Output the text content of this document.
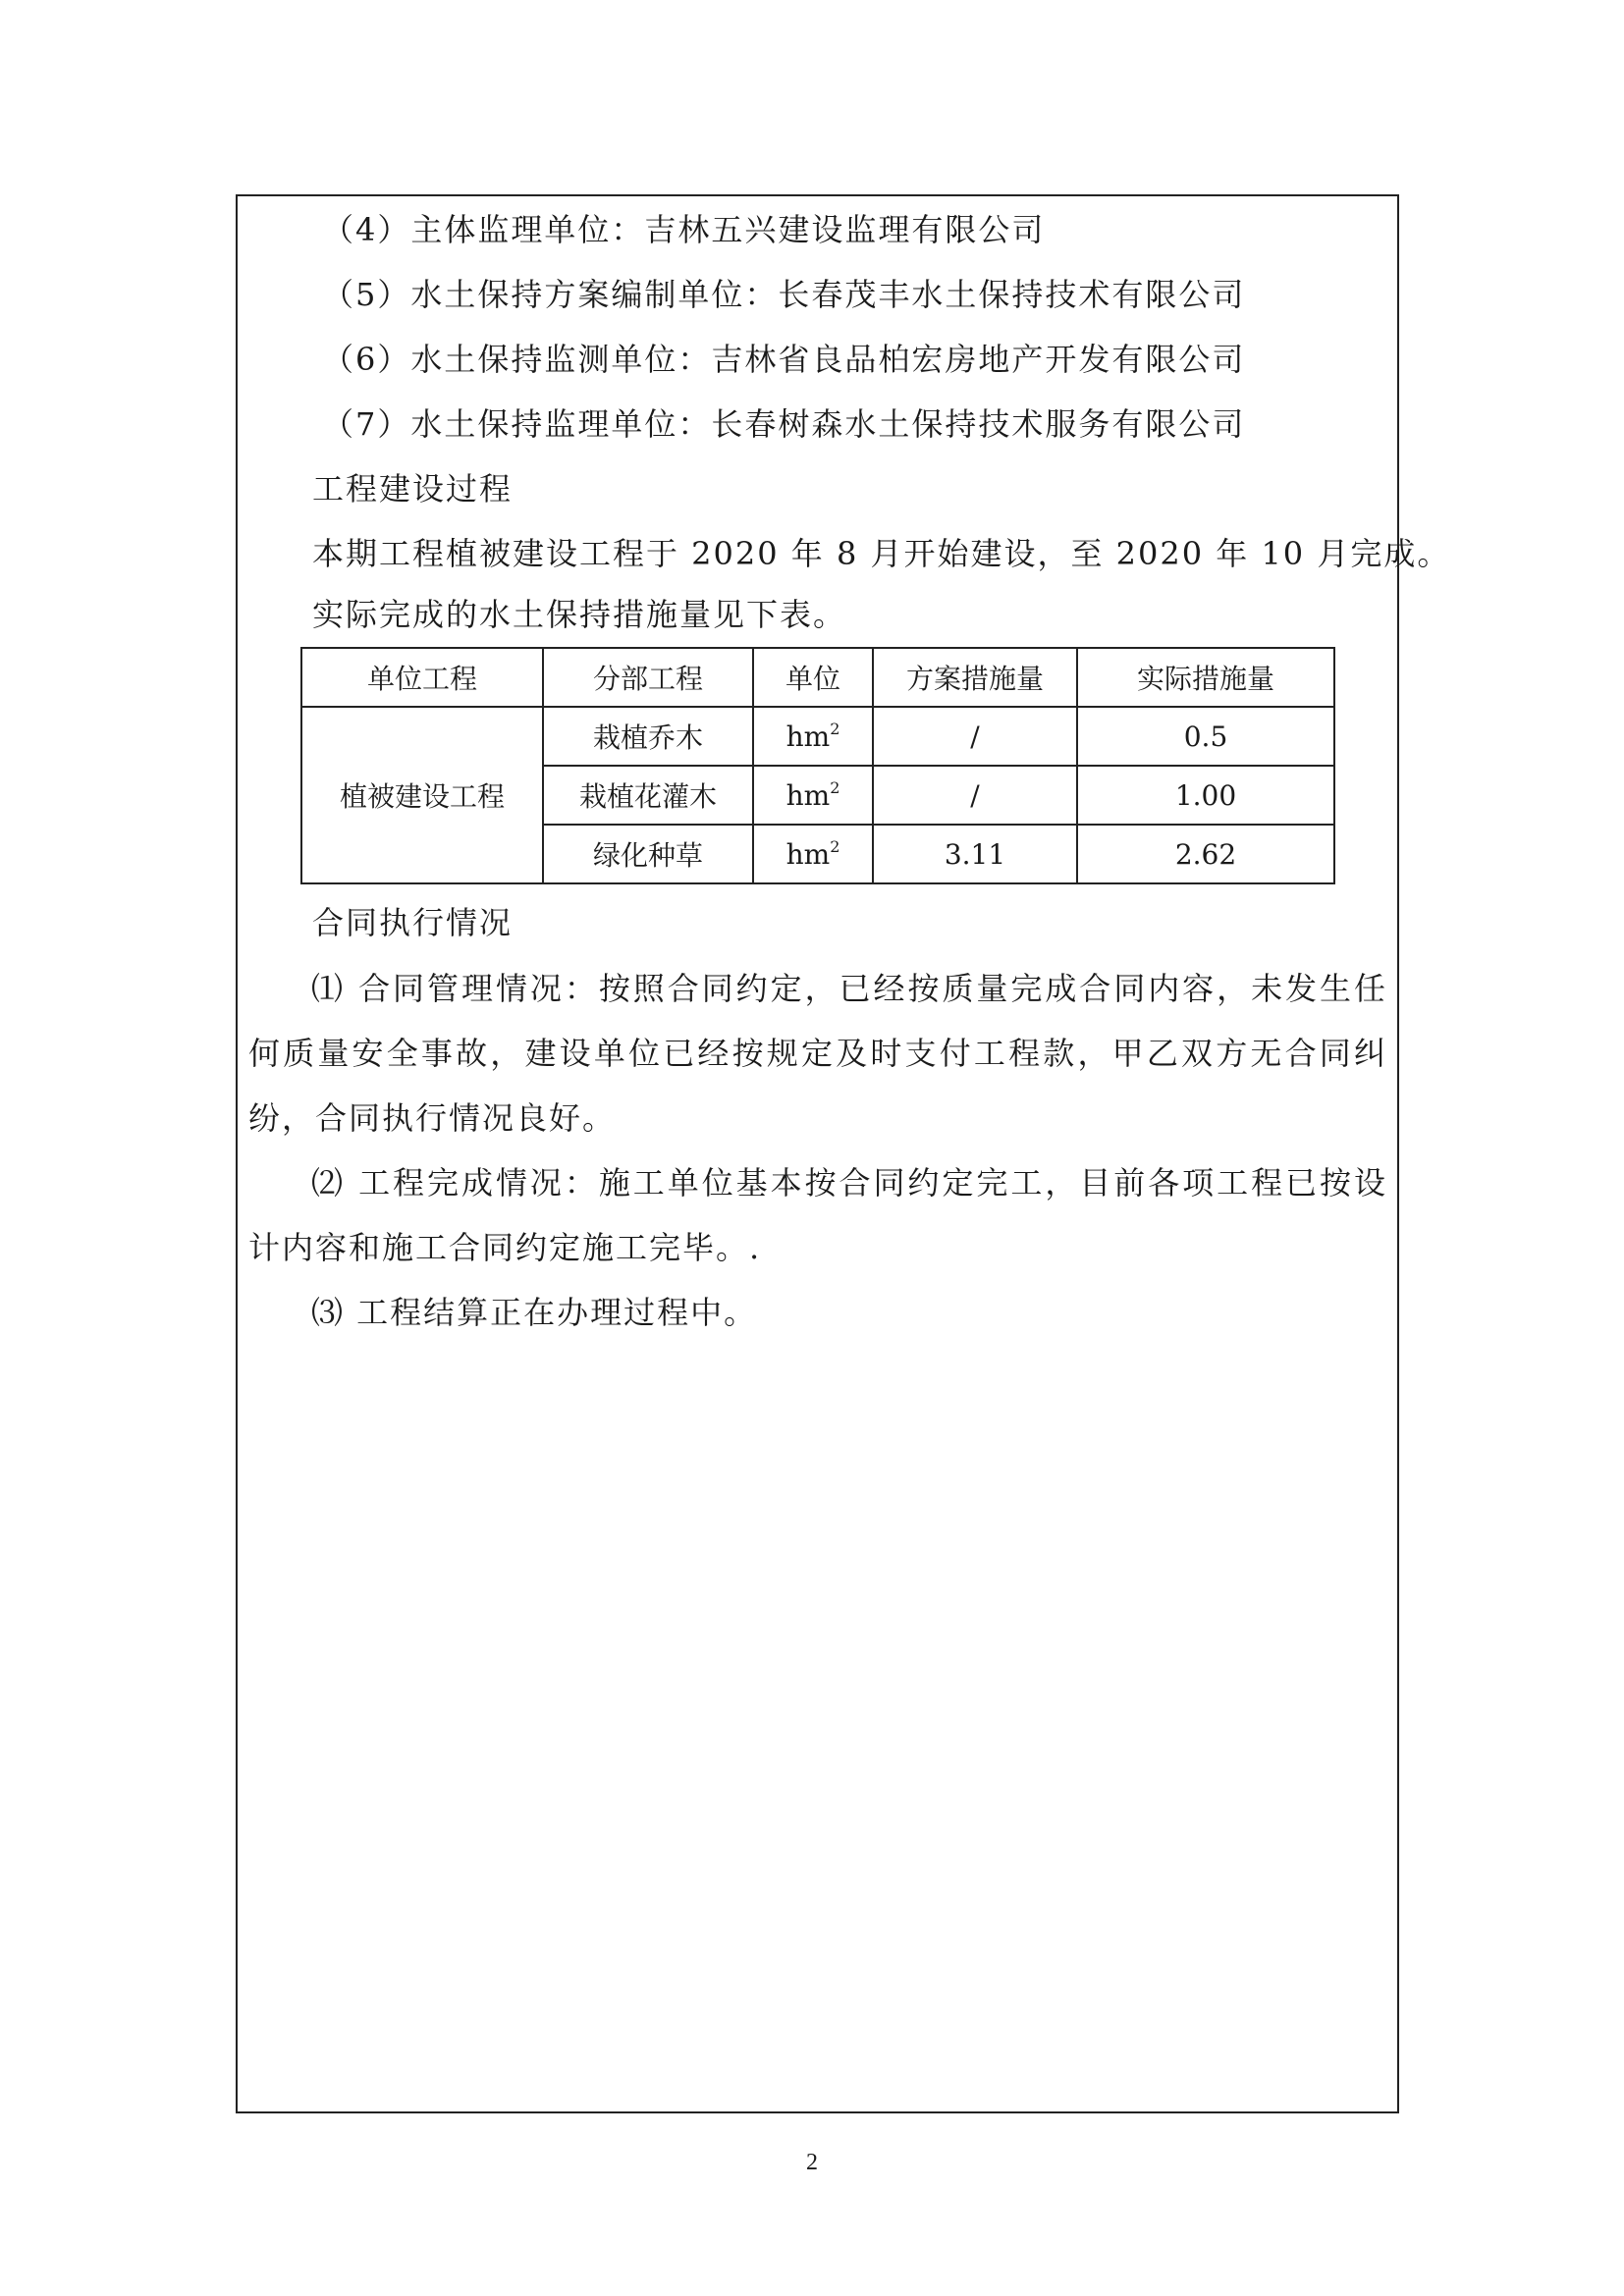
（4）主体监理单位：吉林五兴建设监理有限公司
（5）水土保持方案编制单位：长春茂丰水土保持技术有限公司
（6）水土保持监测单位：吉林省良品柏宏房地产开发有限公司
（7）水土保持监理单位：长春树森水土保持技术服务有限公司
工程建设过程
本期工程植被建设工程于 2020 年 8 月开始建设，至 2020 年 10 月完成。
实际完成的水土保持措施量见下表。
单位工程	分部工程	单位	方案措施量	实际措施量
植被建设工程	栽植乔木	$hm^2$	/	0.5
	栽植花灌木	$hm^2$	/	1.00
	绿化种草	$hm^2$	3.11	2.62
合同执行情况
⑴ 合同管理情况：按照合同约定，已经按质量完成合同内容，未发生任何质量安全事故，建设单位已经按规定及时支付工程款，甲乙双方无合同纠纷，合同执行情况良好。
⑵ 工程完成情况：施工单位基本按合同约定完工，目前各项工程已按设计内容和施工合同约定施工完毕。.
⑶ 工程结算正在办理过程中。
2
